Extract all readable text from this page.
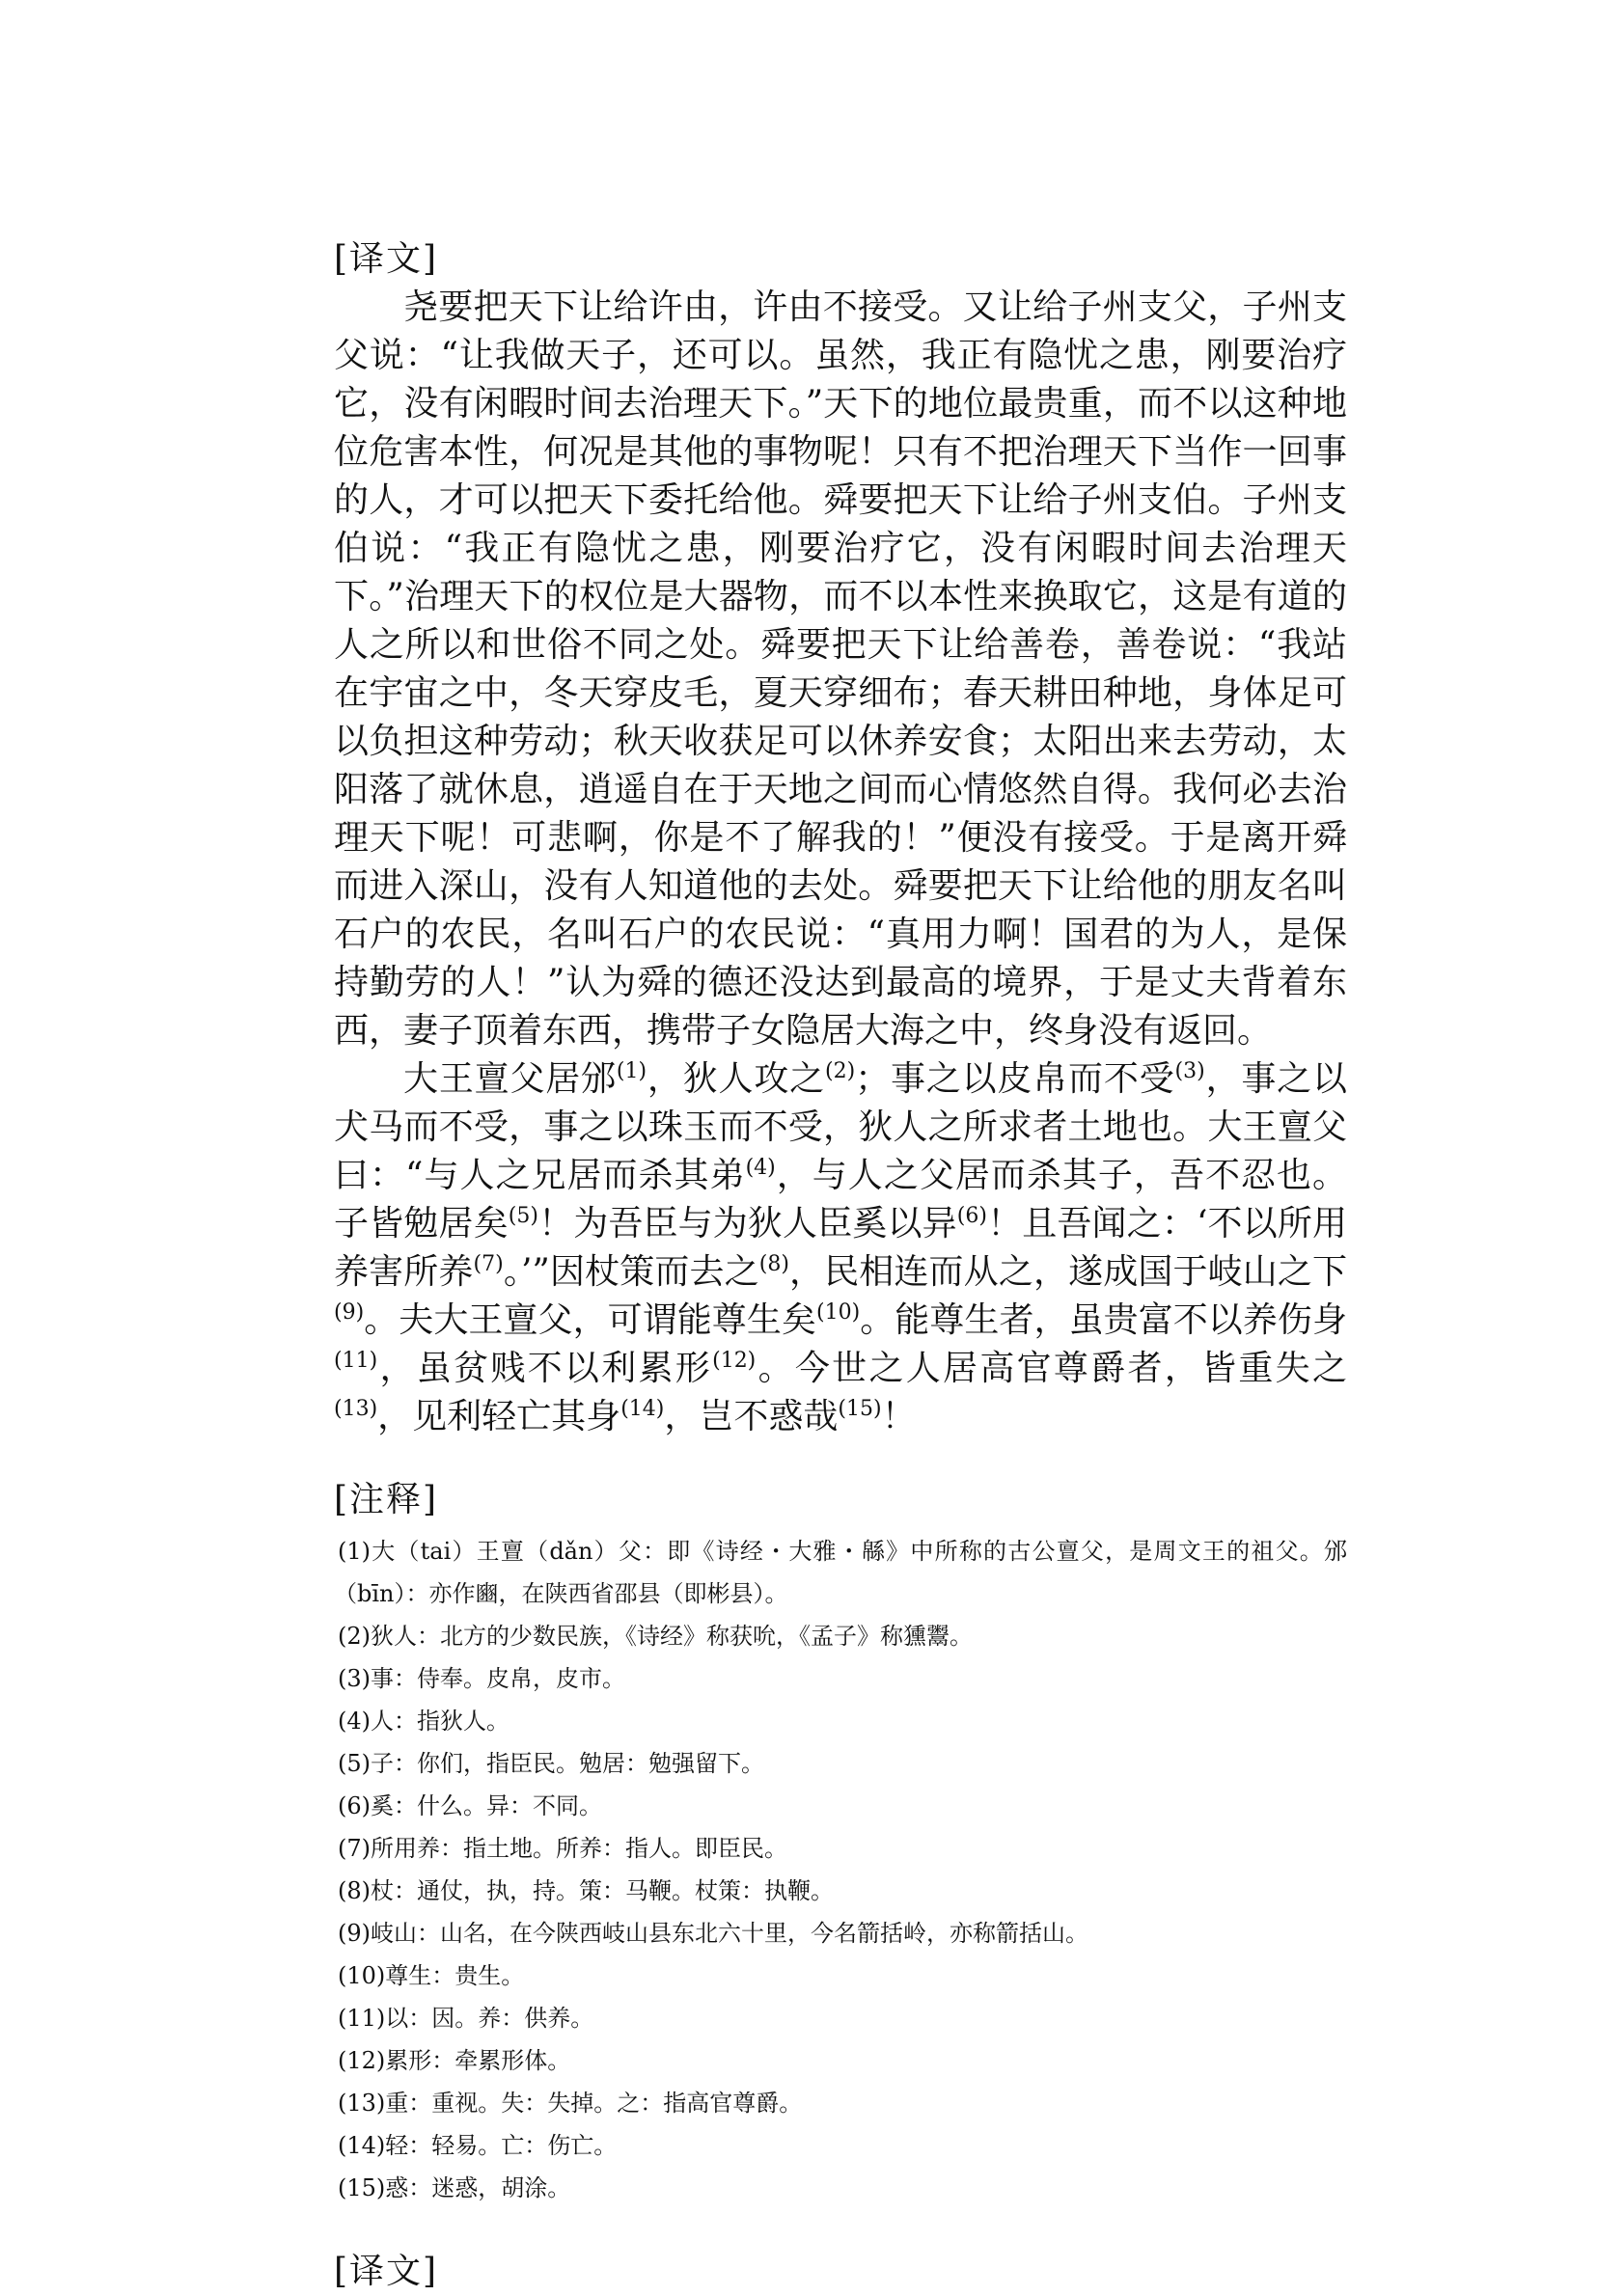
[译文]

尧要把天下让给许由，许由不接受。又让给子州支父，子州支父说：“让我做天子，还可以。虽然，我正有隐忧之患，刚要治疗它，没有闲暇时间去治理天下。”天下的地位最贵重，而不以这种地位危害本性，何况是其他的事物呢！只有不把治理天下当作一回事的人，才可以把天下委托给他。舜要把天下让给子州支伯。子州支伯说：“我正有隐忧之患，刚要治疗它，没有闲暇时间去治理天下。”治理天下的权位是大器物，而不以本性来换取它，这是有道的人之所以和世俗不同之处。舜要把天下让给善卷，善卷说：“我站在宇宙之中，冬天穿皮毛，夏天穿细布；春天耕田种地，身体足可以负担这种劳动；秋天收获足可以休养安食；太阳出来去劳动，太阳落了就休息，逍遥自在于天地之间而心情悠然自得。我何必去治理天下呢！可悲啊，你是不了解我的！”便没有接受。于是离开舜而进入深山，没有人知道他的去处。舜要把天下让给他的朋友名叫石户的农民，名叫石户的农民说：“真用力啊！国君的为人，是保持勤劳的人！”认为舜的德还没达到最高的境界，于是丈夫背着东西，妻子顶着东西，携带子女隐居大海之中，终身没有返回。

大王亶父居邠$^{(1)}$，狄人攻之$^{(2)}$；事之以皮帛而不受$^{(3)}$，事之以犬马而不受，事之以珠玉而不受，狄人之所求者土地也。大王亶父曰：“与人之兄居而杀其弟$^{(4)}$，与人之父居而杀其子，吾不忍也。子皆勉居矣$^{(5)}$！为吾臣与为狄人臣奚以异$^{(6)}$！且吾闻之：‘不以所用养害所养$^{(7)}$。’”因杖策而去之$^{(8)}$，民相连而从之，遂成国于岐山之下$^{(9)}$。夫大王亶父，可谓能尊生矣$^{(10)}$。能尊生者，虽贵富不以养伤身$^{(11)}$，虽贫贱不以利累形$^{(12)}$。今世之人居高官尊爵者，皆重失之$^{(13)}$，见利轻亡其身$^{(14)}$，岂不惑哉$^{(15)}$！

[注释]

(1)大（tai）王亶（dǎn）父：即《诗经・大雅・緜》中所称的古公亶父，是周文王的祖父。邠（bīn）：亦作豳，在陕西省邵县（即彬县）。
(2)狄人：北方的少数民族，《诗经》称获吮，《孟子》称獯鬻。
(3)事：侍奉。皮帛，皮市。
(4)人：指狄人。
(5)子：你们，指臣民。勉居：勉强留下。
(6)奚：什么。异：不同。
(7)所用养：指土地。所养：指人。即臣民。
(8)杖：通仗，执，持。策：马鞭。杖策：执鞭。
(9)岐山：山名，在今陕西岐山县东北六十里，今名箭括岭，亦称箭括山。
(10)尊生：贵生。
(11)以：因。养：供养。
(12)累形：牵累形体。
(13)重：重视。失：失掉。之：指高官尊爵。
(14)轻：轻易。亡：伤亡。
(15)惑：迷惑，胡涂。

[译文]
